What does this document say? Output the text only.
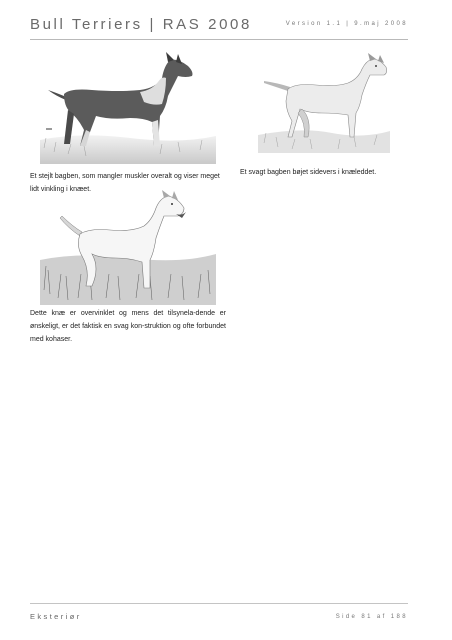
Bull Terriers | RAS 2008	Version 1.1 | 9.maj 2008
Et stejlt bagben, som mangler muskler overalt og viser meget lidt vinkling i knæet.
Et svagt bagben bøjet sidevers i knæleddet.
Dette knæ er overvinklet og mens det tilsynela-dende er ønskeligt, er det faktisk en svag kon-struktion og ofte forbundet med kohaser.
Eksteriør	Side 81 af 188
